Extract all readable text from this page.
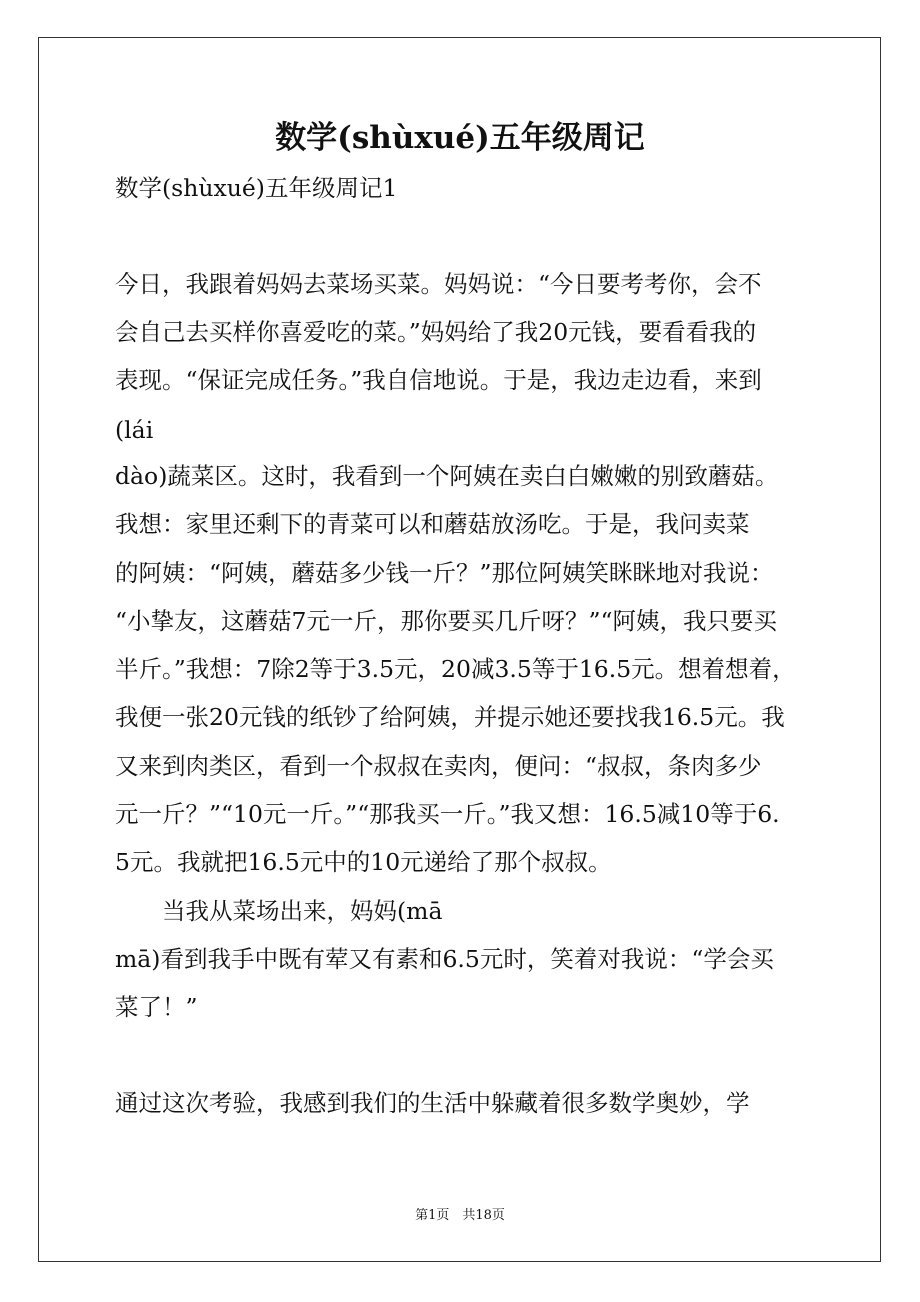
数学(shùxué)五年级周记

数学(shùxué)五年级周记1

今日，我跟着妈妈去菜场买菜。妈妈说：“今日要考考你，会不

会自己去买样你喜爱吃的菜。”妈妈给了我20元钱，要看看我的

表现。“保证完成任务。”我自信地说。于是，我边走边看，来到

(lái

dào)蔬菜区。这时，我看到一个阿姨在卖白白嫩嫩的别致蘑菇。

我想：家里还剩下的青菜可以和蘑菇放汤吃。于是，我问卖菜

的阿姨：“阿姨，蘑菇多少钱一斤？”那位阿姨笑眯眯地对我说：

“小挚友，这蘑菇7元一斤，那你要买几斤呀？”“阿姨，我只要买

半斤。”我想：7除2等于3.5元，20减3.5等于16.5元。想着想着，

我便一张20元钱的纸钞了给阿姨，并提示她还要找我16.5元。我

又来到肉类区，看到一个叔叔在卖肉，便问：“叔叔，条肉多少

元一斤？”“10元一斤。”“那我买一斤。”我又想：16.5减10等于6.

5元。我就把16.5元中的10元递给了那个叔叔。

当我从菜场出来，妈妈(mā

mā)看到我手中既有荤又有素和6.5元时，笑着对我说：“学会买

菜了！”

通过这次考验，我感到我们的生活中躲藏着很多数学奥妙，学

第1页　共18页
